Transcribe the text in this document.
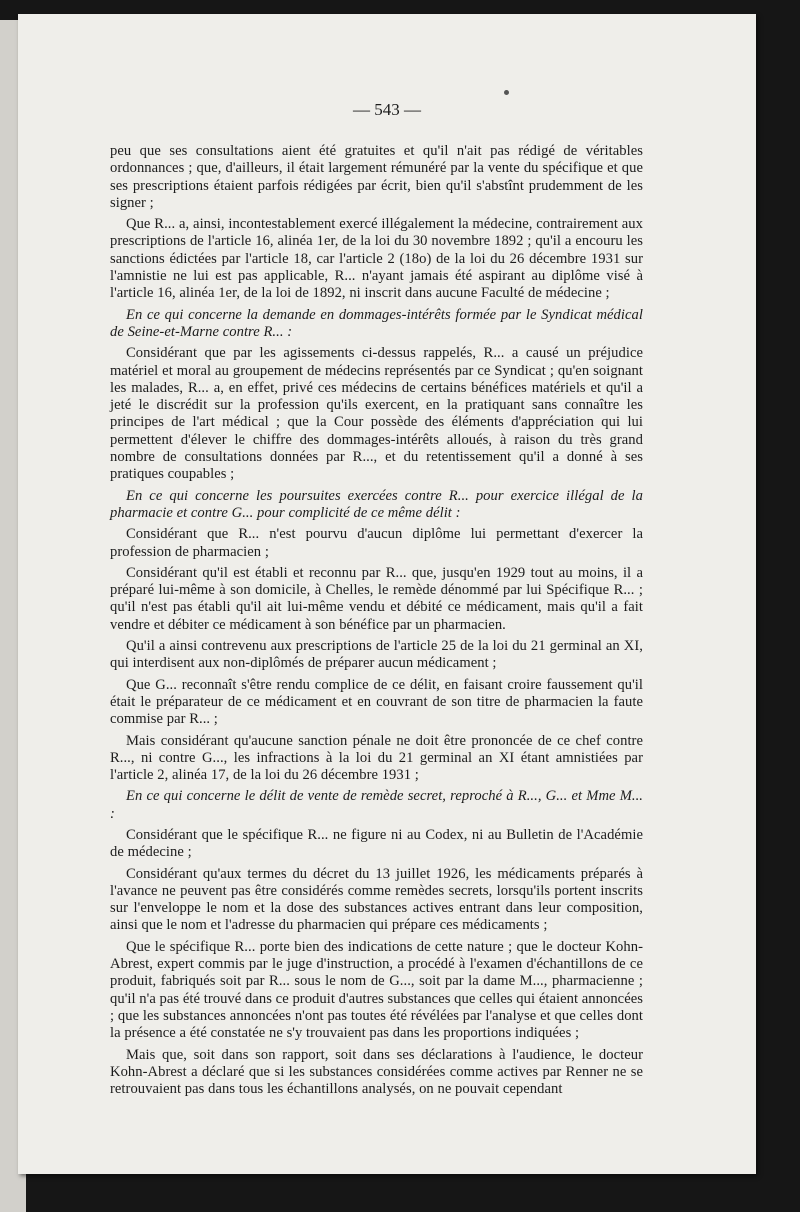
— 543 —

peu que ses consultations aient été gratuites et qu'il n'ait pas rédigé de véritables ordonnances ; que, d'ailleurs, il était largement rémunéré par la vente du spécifique et que ses prescriptions étaient parfois rédigées par écrit, bien qu'il s'abstînt prudemment de les signer ;

Que R... a, ainsi, incontestablement exercé illégalement la médecine, contrairement aux prescriptions de l'article 16, alinéa 1er, de la loi du 30 novembre 1892 ; qu'il a encouru les sanctions édictées par l'article 18, car l'article 2 (18o) de la loi du 26 décembre 1931 sur l'amnistie ne lui est pas applicable, R... n'ayant jamais été aspirant au diplôme visé à l'article 16, alinéa 1er, de la loi de 1892, ni inscrit dans aucune Faculté de médecine ;

En ce qui concerne la demande en dommages-intérêts formée par le Syndicat médical de Seine-et-Marne contre R... :

Considérant que par les agissements ci-dessus rappelés, R... a causé un préjudice matériel et moral au groupement de médecins représentés par ce Syndicat ; qu'en soignant les malades, R... a, en effet, privé ces médecins de certains bénéfices matériels et qu'il a jeté le discrédit sur la profession qu'ils exercent, en la pratiquant sans connaître les principes de l'art médical ; que la Cour possède des éléments d'appréciation qui lui permettent d'élever le chiffre des dommages-intérêts alloués, à raison du très grand nombre de consultations données par R..., et du retentissement qu'il a donné à ses pratiques coupables ;

En ce qui concerne les poursuites exercées contre R... pour exercice illégal de la pharmacie et contre G... pour complicité de ce même délit :

Considérant que R... n'est pourvu d'aucun diplôme lui permettant d'exercer la profession de pharmacien ;

Considérant qu'il est établi et reconnu par R... que, jusqu'en 1929 tout au moins, il a préparé lui-même à son domicile, à Chelles, le remède dénommé par lui Spécifique R... ; qu'il n'est pas établi qu'il ait lui-même vendu et débité ce médicament, mais qu'il a fait vendre et débiter ce médicament à son bénéfice par un pharmacien.

Qu'il a ainsi contrevenu aux prescriptions de l'article 25 de la loi du 21 germinal an XI, qui interdisent aux non-diplômés de préparer aucun médicament ;

Que G... reconnaît s'être rendu complice de ce délit, en faisant croire faussement qu'il était le préparateur de ce médicament et en couvrant de son titre de pharmacien la faute commise par R... ;

Mais considérant qu'aucune sanction pénale ne doit être prononcée de ce chef contre R..., ni contre G..., les infractions à la loi du 21 germinal an XI étant amnistiées par l'article 2, alinéa 17, de la loi du 26 décembre 1931 ;

En ce qui concerne le délit de vente de remède secret, reproché à R..., G... et Mme M... :

Considérant que le spécifique R... ne figure ni au Codex, ni au Bulletin de l'Académie de médecine ;

Considérant qu'aux termes du décret du 13 juillet 1926, les médicaments préparés à l'avance ne peuvent pas être considérés comme remèdes secrets, lorsqu'ils portent inscrits sur l'enveloppe le nom et la dose des substances actives entrant dans leur composition, ainsi que le nom et l'adresse du pharmacien qui prépare ces médicaments ;

Que le spécifique R... porte bien des indications de cette nature ; que le docteur Kohn-Abrest, expert commis par le juge d'instruction, a procédé à l'examen d'échantillons de ce produit, fabriqués soit par R... sous le nom de G..., soit par la dame M..., pharmacienne ; qu'il n'a pas été trouvé dans ce produit d'autres substances que celles qui étaient annoncées ; que les substances annoncées n'ont pas toutes été révélées par l'analyse et que celles dont la présence a été constatée ne s'y trouvaient pas dans les proportions indiquées ;

Mais que, soit dans son rapport, soit dans ses déclarations à l'audience, le docteur Kohn-Abrest a déclaré que si les substances considérées comme actives par Renner ne se retrouvaient pas dans tous les échantillons analysés, on ne pouvait cependant
